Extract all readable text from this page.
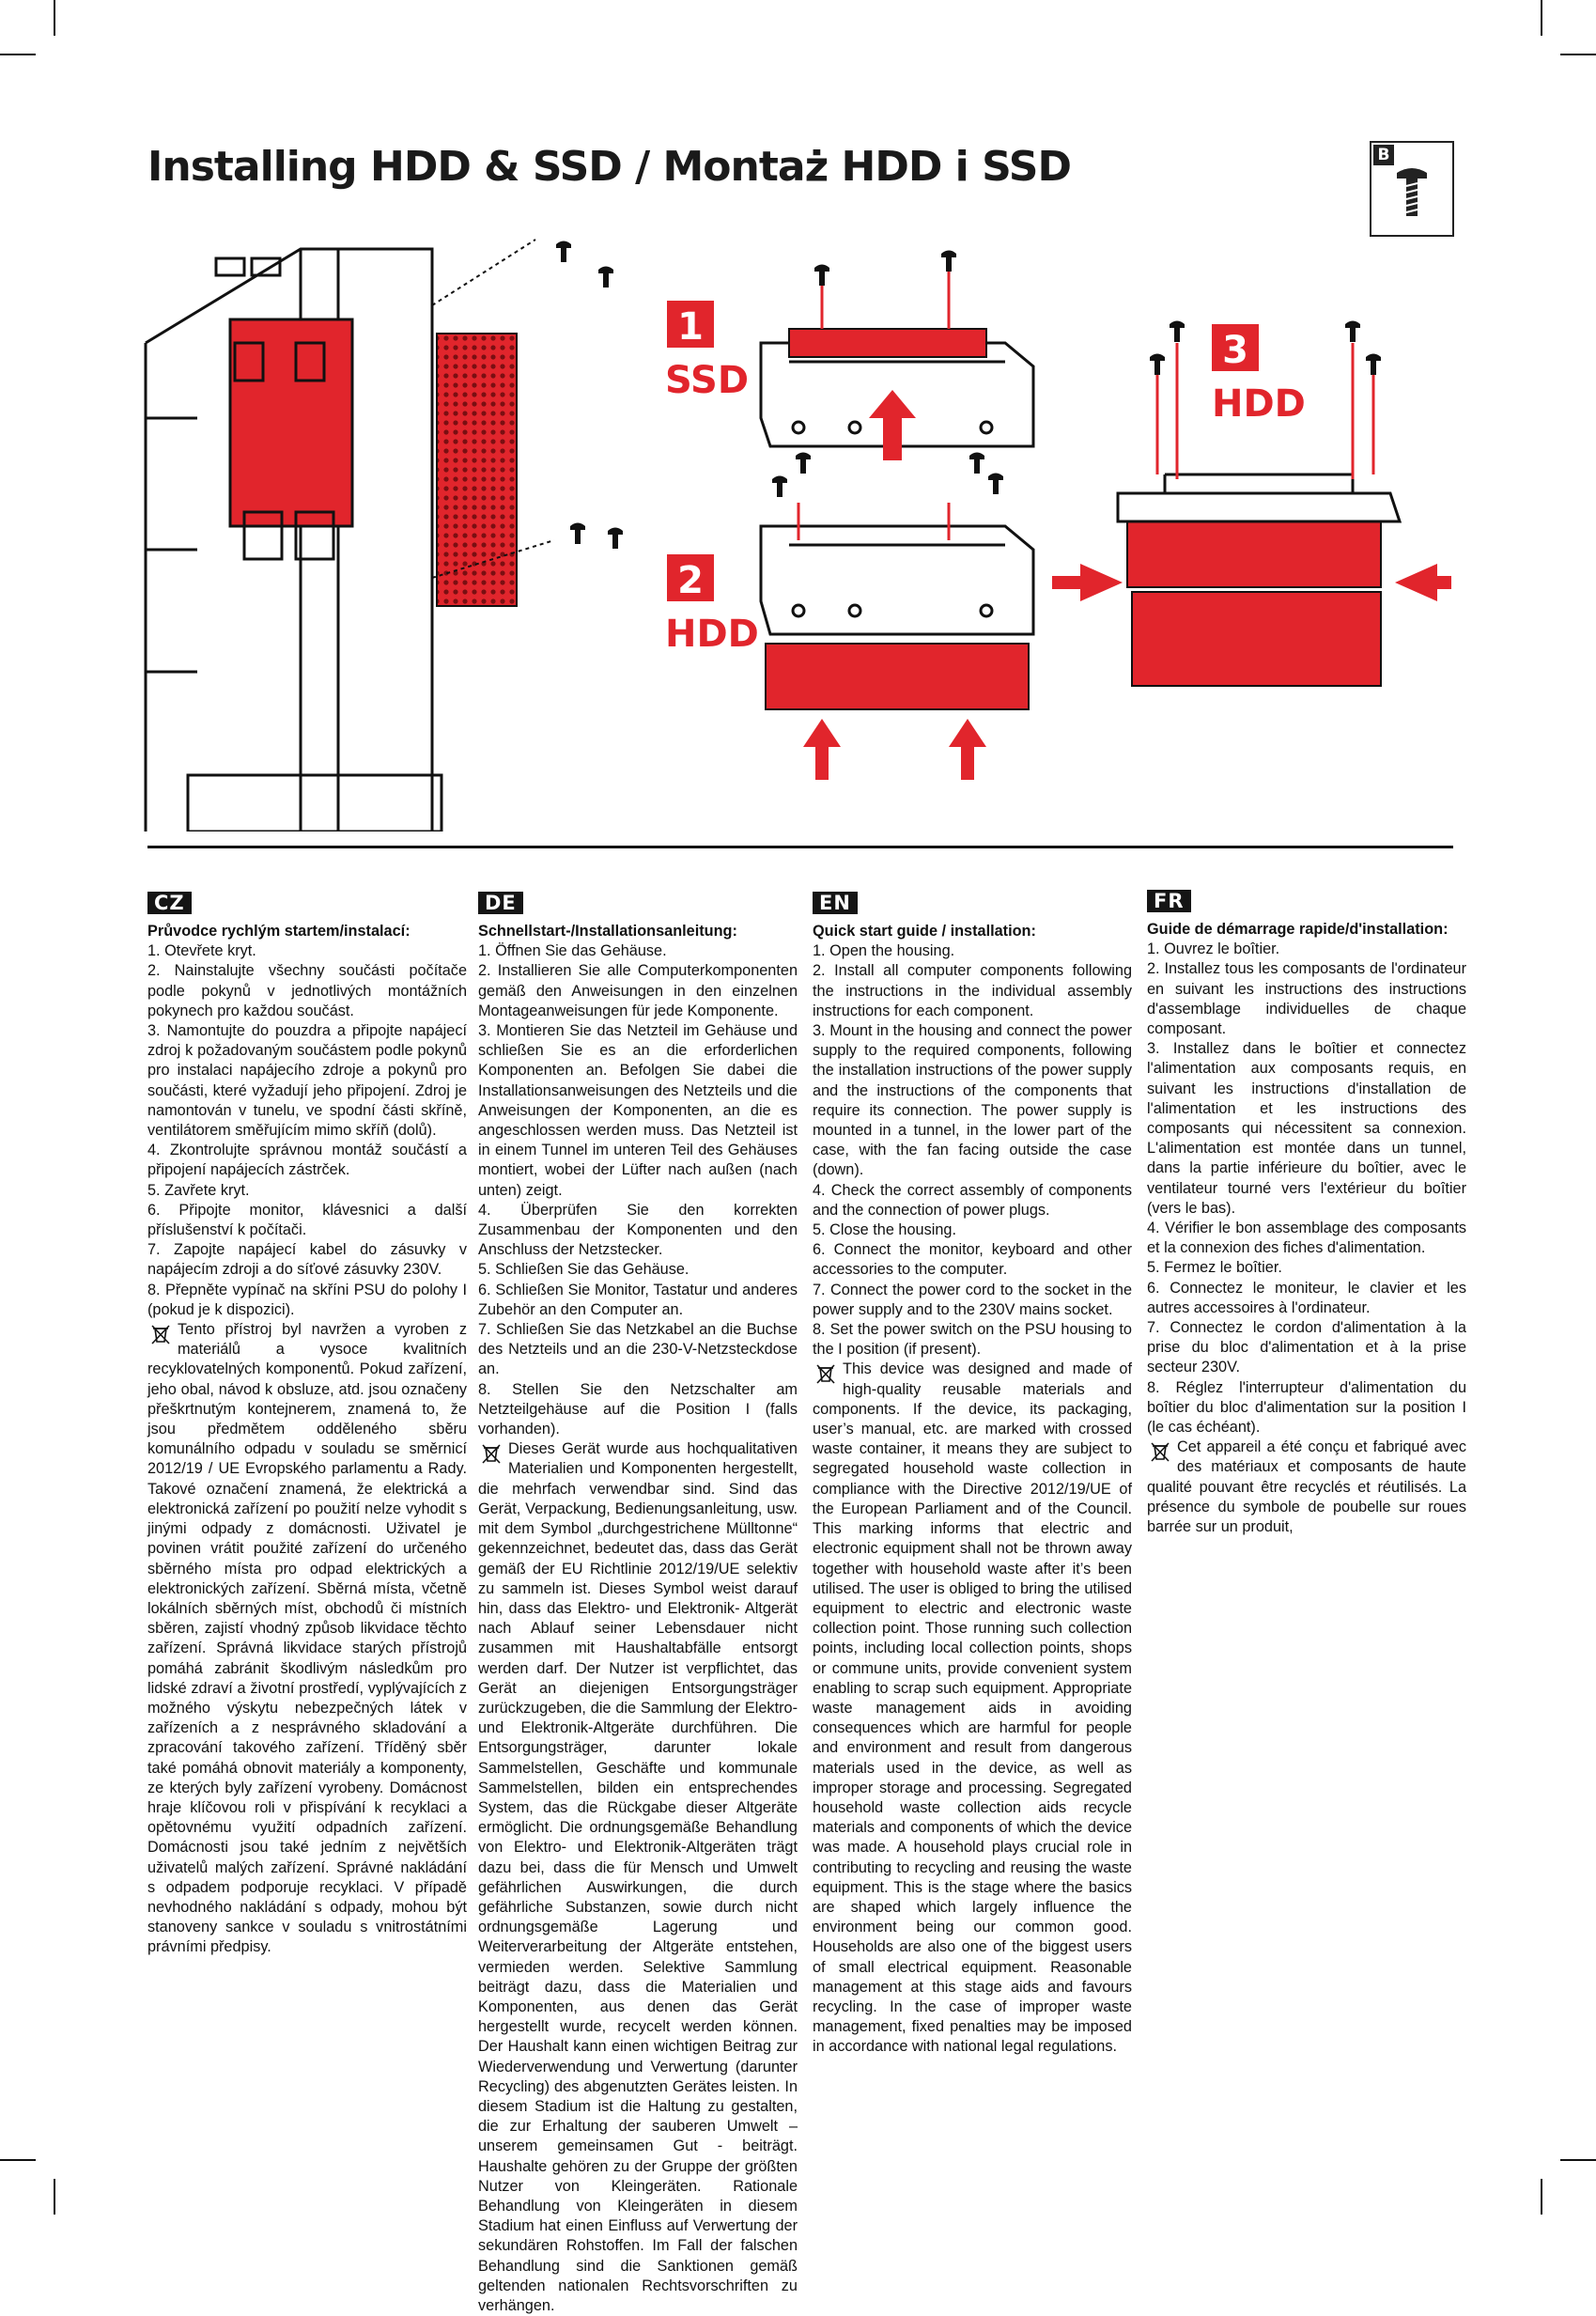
Installing HDD & SSD / Montaż HDD i SSD	B
1
SSD
2
HDD
3
HDD
CZ

Průvodce rychlým startem/instalací:

1. Otevřete kryt.

2. Nainstalujte všechny součásti počítače podle pokynů v jednotlivých montážních pokynech pro každou součást.

3. Namontujte do pouzdra a připojte napájecí zdroj k požadovaným součástem podle pokynů pro instalaci napájecího zdroje a pokynů pro součásti, které vyžadují jeho připojení. Zdroj je namontován v tunelu, ve spodní části skříně, ventilátorem směřujícím mimo skříň (dolů).

4. Zkontrolujte správnou montáž součástí a připojení napájecích zástrček.

5. Zavřete kryt.

6. Připojte monitor, klávesnici a další příslušenství k počítači.

7. Zapojte napájecí kabel do zásuvky v napájecím zdroji a do síťové zásuvky 230V.

8. Přepněte vypínač na skříni PSU do polohy I (pokud je k dispozici).

Tento přístroj byl navržen a vyroben z materiálů a vysoce kvalitních recyklovatelných komponentů. Pokud zařízení, jeho obal, návod k obsluze, atd. jsou označeny přeškrtnutým kontejnerem, znamená to, že jsou předmětem odděleného sběru komunálního odpadu v souladu se směrnicí 2012/19 / UE Evropského parlamentu a Rady. Takové označení znamená, že elektrická a elektronická zařízení po použití nelze vyhodit s jinými odpady z domácnosti. Uživatel je povinen vrátit použité zařízení do určeného sběrného místa pro odpad elektrických a elektronických zařízení. Sběrná místa, včetně lokálních sběrných míst, obchodů či místních sběren, zajistí vhodný způsob likvidace těchto zařízení. Správná likvidace starých přístrojů pomáhá zabránit škodlivým následkům pro lidské zdraví a životní prostředí, vyplývajících z možného výskytu nebezpečných látek v zařízeních a z nesprávného skladování a zpracování takového zařízení. Tříděný sběr také pomáhá obnovit materiály a komponenty, ze kterých byly zařízení vyrobeny. Domácnost hraje klíčovou roli v přispívání k recyklaci a opětovnému využití odpadních zařízení. Domácnosti jsou také jedním z největších uživatelů malých zařízení. Správné nakládání s odpadem podporuje recyklaci. V případě nevhodného nakládání s odpady, mohou být stanoveny sankce v souladu s vnitrostátními právními předpisy.

DE

Schnellstart-/Installationsanleitung:

1. Öffnen Sie das Gehäuse.

2. Installieren Sie alle Computerkomponenten gemäß den Anweisungen in den einzelnen Montageanweisungen für jede Komponente.

3. Montieren Sie das Netzteil im Gehäuse und schließen Sie es an die erforderlichen Komponenten an. Befolgen Sie dabei die Installationsanweisungen des Netzteils und die Anweisungen der Komponenten, an die es angeschlossen werden muss. Das Netzteil ist in einem Tunnel im unteren Teil des Gehäuses montiert, wobei der Lüfter nach außen (nach unten) zeigt.

4. Überprüfen Sie den korrekten Zusammenbau der Komponenten und den Anschluss der Netzstecker.

5. Schließen Sie das Gehäuse.

6. Schließen Sie Monitor, Tastatur und anderes Zubehör an den Computer an.

7. Schließen Sie das Netzkabel an die Buchse des Netzteils und an die 230-V-Netzsteckdose an.

8. Stellen Sie den Netzschalter am Netzteilgehäuse auf die Position I (falls vorhanden).

Dieses Gerät wurde aus hochqualitativen Materialien und Komponenten hergestellt, die mehrfach verwendbar sind. Sind das Gerät, Verpackung, Bedienungsanleitung, usw. mit dem Symbol „durchgestrichene Mülltonne“ gekennzeichnet, bedeutet das, dass das Gerät gemäß der EU Richtlinie 2012/19/UE selektiv zu sammeln ist. Dieses Symbol weist darauf hin, dass das Elektro- und Elektronik- Altgerät nach Ablauf seiner Lebensdauer nicht zusammen mit Haushaltabfälle entsorgt werden darf. Der Nutzer ist verpflichtet, das Gerät an diejenigen Entsorgungsträger zurückzugeben, die die Sammlung der Elektro- und Elektronik-Altgeräte durchführen. Die Entsorgungsträger, darunter lokale Sammelstellen, Geschäfte und kommunale Sammelstellen, bilden ein entsprechendes System, das die Rückgabe dieser Altgeräte ermöglicht. Die ordnungsgemäße Behandlung von Elektro- und Elektronik-Altgeräten trägt dazu bei, dass die für Mensch und Umwelt gefährlichen Auswirkungen, die durch gefährliche Substanzen, sowie durch nicht ordnungsgemäße Lagerung und Weiterverarbeitung der Altgeräte entstehen, vermieden werden. Selektive Sammlung beiträgt dazu, dass die Materialien und Komponenten, aus denen das Gerät hergestellt wurde, recycelt werden können. Der Haushalt kann einen wichtigen Beitrag zur Wiederverwendung und Verwertung (darunter Recycling) des abgenutzten Gerätes leisten. In diesem Stadium ist die Haltung zu gestalten, die zur Erhaltung der sauberen Umwelt – unserem gemeinsamen Gut - beiträgt. Haushalte gehören zu der Gruppe der größten Nutzer von Kleingeräten. Rationale Behandlung von Kleingeräten in diesem Stadium hat einen Einfluss auf Verwertung der sekundären Rohstoffen. Im Fall der falschen Behandlung sind die Sanktionen gemäß geltenden nationalen Rechtsvorschriften zu verhängen.

FR

Guide de démarrage rapide/d'installation:

1. Ouvrez le boîtier.

2. Installez tous les composants de l'ordinateur en suivant les instructions des instructions d'assemblage individuelles de chaque composant.

3. Installez dans le boîtier et connectez l'alimentation aux composants requis, en suivant les instructions d'installation de l'alimentation et les instructions des composants qui nécessitent sa connexion. L'alimentation est montée dans un tunnel, dans la partie inférieure du boîtier, avec le ventilateur tourné vers l'extérieur du boîtier (vers le bas).

4. Vérifier le bon assemblage des composants et la connexion des fiches d'alimentation.

5. Fermez le boîtier.

6. Connectez le moniteur, le clavier et les autres accessoires à l'ordinateur.

7. Connectez le cordon d'alimentation à la prise du bloc d'alimentation et à la prise secteur 230V.

8. Réglez l'interrupteur d'alimentation du boîtier du bloc d'alimentation sur la position I (le cas échéant).

Cet appareil a été conçu et fabriqué avec des matériaux et composants de haute qualité pouvant être recyclés et réutilisés. La présence du symbole de poubelle sur roues barrée sur un produit,

EN

Quick start guide / installation:

1. Open the housing.

2. Install all computer components following the instructions in the individual assembly instructions for each component.

3. Mount in the housing and connect the power supply to the required components, following the installation instructions of the power supply and the instructions of the components that require its connection. The power supply is mounted in a tunnel, in the lower part of the case, with the fan facing outside the case (down).

4. Check the correct assembly of components and the connection of power plugs.

5. Close the housing.

6. Connect the monitor, keyboard and other accessories to the computer.

7. Connect the power cord to the socket in the power supply and to the 230V mains socket.

8. Set the power switch on the PSU housing to the I position (if present).

This device was designed and made of high-quality reusable materials and components. If the device, its packaging, user’s manual, etc. are marked with crossed waste container, it means they are subject to segregated household waste collection in compliance with the Directive 2012/19/UE of the European Parliament and of the Council. This marking informs that electric and electronic equipment shall not be thrown away together with household waste after it’s been utilised. The user is obliged to bring the utilised equipment to electric and electronic waste collection point. Those running such collection points, including local collection points, shops or commune units, provide convenient system enabling to scrap such equipment. Appropriate waste management aids in avoiding consequences which are harmful for people and environment and result from dangerous materials used in the device, as well as improper storage and processing. Segregated household waste collection aids recycle materials and components of which the device was made. A household plays crucial role in contributing to recycling and reusing the waste equipment. This is the stage where the basics are shaped which largely influence the environment being our common good. Households are also one of the biggest users of small electrical equipment. Reasonable management at this stage aids and favours recycling. In the case of improper waste management, fixed penalties may be imposed in accordance with national legal regulations.
